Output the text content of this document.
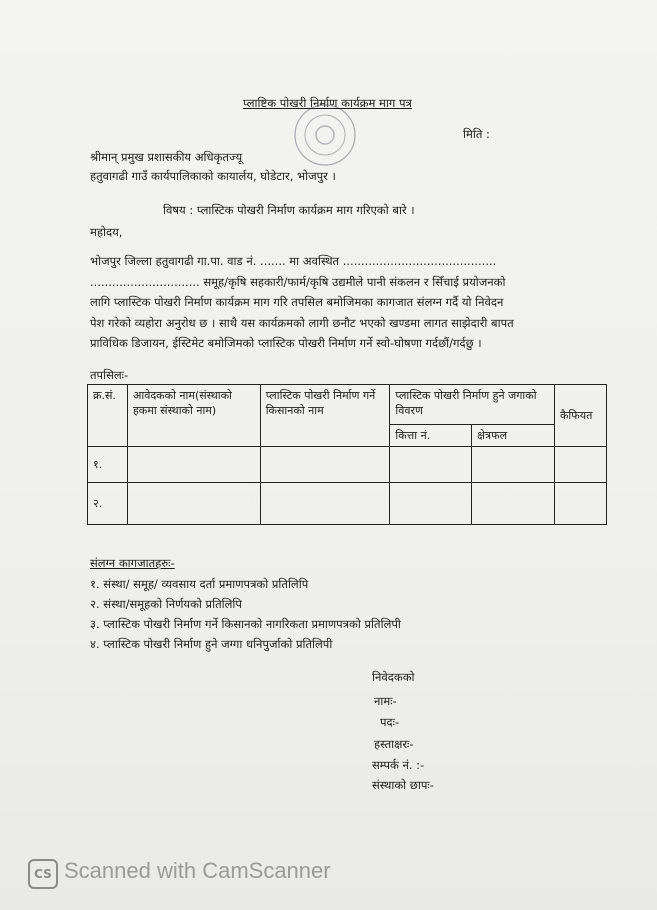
प्लाष्टिक पोखरी निर्माण कार्यक्रम माग पत्र
मिति :
श्रीमान् प्रमुख प्रशासकीय अधिकृतज्यू
हतुवागढी गाउँ कार्यपालिकाको कायार्लय, घोडेटार, भोजपुर ।
विषय : प्लास्टिक पोखरी निर्माण कार्यक्रम माग गरिएको बारे ।
महोदय,

भोजपुर जिल्ला हतुवागढी गा.पा. वाड नं. ....... मा अवस्थित ..........................................

.............................. समूह/कृषि सहकारी/फार्म/कृषि उद्यमीले पानी संकलन र सिँचाई प्रयोजनको

लागि प्लास्टिक पोखरी निर्माण कार्यक्रम माग गरि तपसिल बमोजिमका कागजात संलग्न गर्दै यो निवेदन

पेश गरेको व्यहोरा अनुरोध छ । साथै यस कार्यक्रमको लागी छनौट भएको खण्डमा लागत साझेदारी बापत

प्राविधिक डिजायन, ईस्टिमेट बमोजिमको प्लास्टिक पोखरी निर्माण गर्ने स्वो-घोषणा गर्दछौं/गर्दछु ।

तपसिलः-
क्र.सं.	आवेदकको नाम(संस्थाको हकमा संस्थाको नाम)	प्लास्टिक पोखरी निर्माण गर्ने किसानको नाम	प्लास्टिक पोखरी निर्माण हुने जगाको विवरण		कैफियत
			कित्ता नं.	क्षेत्रफल	
१.					
२.					
संलग्न कागजातहरुः-
१. संस्था/ समूह/ व्यवसाय दर्ता प्रमाणपत्रको प्रतिलिपि
२. संस्था/समूहको निर्णयको प्रतिलिपि
३. प्लास्टिक पोखरी निर्माण गर्ने किसानको नागरिकता प्रमाणपत्रको प्रतिलिपी
४. प्लास्टिक पोखरी निर्माण हुने जग्गा धनिपुर्जाको प्रतिलिपी
निवेदकको
नामः-
पदः-
हस्ताक्षरः-
सम्पर्क नं. :-
संस्थाको छापः-
CS Scanned with CamScanner
